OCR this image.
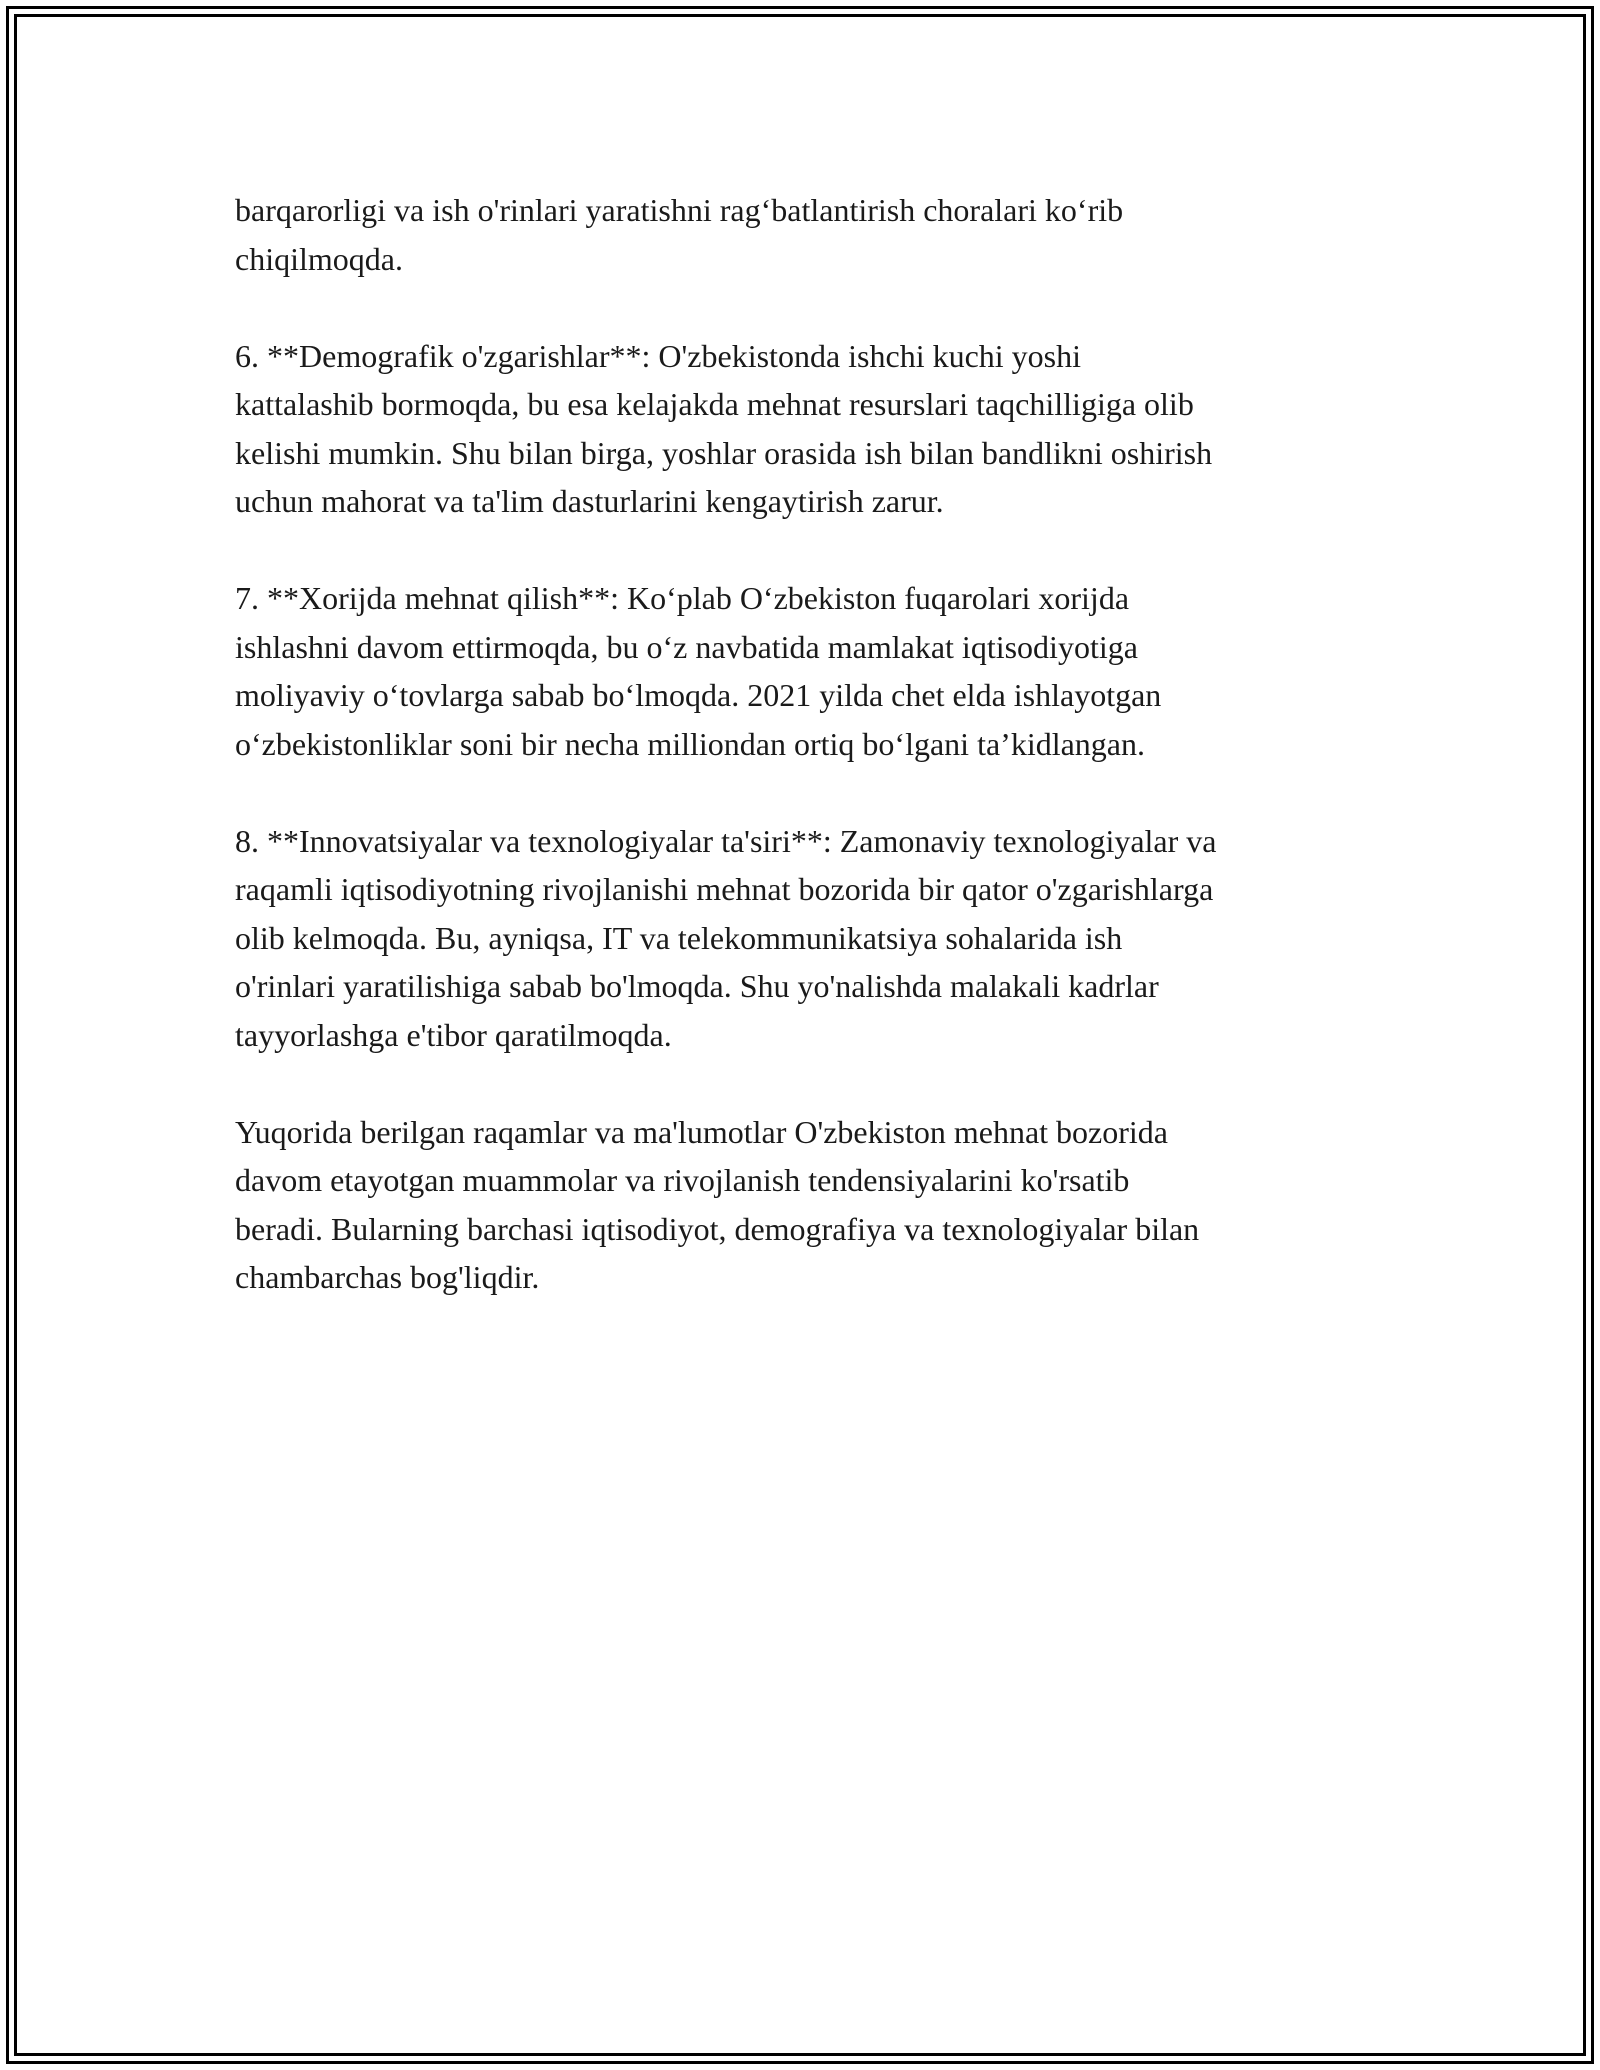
barqarorligi va ish o'rinlari yaratishni rag‘batlantirish choralari ko‘rib
chiqilmoqda.

6. **Demografik o'zgarishlar**: O'zbekistonda ishchi kuchi yoshi
kattalashib bormoqda, bu esa kelajakda mehnat resurslari taqchilligiga olib
kelishi mumkin. Shu bilan birga, yoshlar orasida ish bilan bandlikni oshirish
uchun mahorat va ta'lim dasturlarini kengaytirish zarur.

7. **Xorijda mehnat qilish**: Ko‘plab O‘zbekiston fuqarolari xorijda
ishlashni davom ettirmoqda, bu o‘z navbatida mamlakat iqtisodiyotiga
moliyaviy o‘tovlarga sabab bo‘lmoqda. 2021 yilda chet elda ishlayotgan
o‘zbekistonliklar soni bir necha milliondan ortiq bo‘lgani ta’kidlangan.

8. **Innovatsiyalar va texnologiyalar ta'siri**: Zamonaviy texnologiyalar va
raqamli iqtisodiyotning rivojlanishi mehnat bozorida bir qator o'zgarishlarga
olib kelmoqda. Bu, ayniqsa, IT va telekommunikatsiya sohalarida ish
o'rinlari yaratilishiga sabab bo'lmoqda. Shu yo'nalishda malakali kadrlar
tayyorlashga e'tibor qaratilmoqda.

Yuqorida berilgan raqamlar va ma'lumotlar O'zbekiston mehnat bozorida
davom etayotgan muammolar va rivojlanish tendensiyalarini ko'rsatib
beradi. Bularning barchasi iqtisodiyot, demografiya va texnologiyalar bilan
chambarchas bog'liqdir.
